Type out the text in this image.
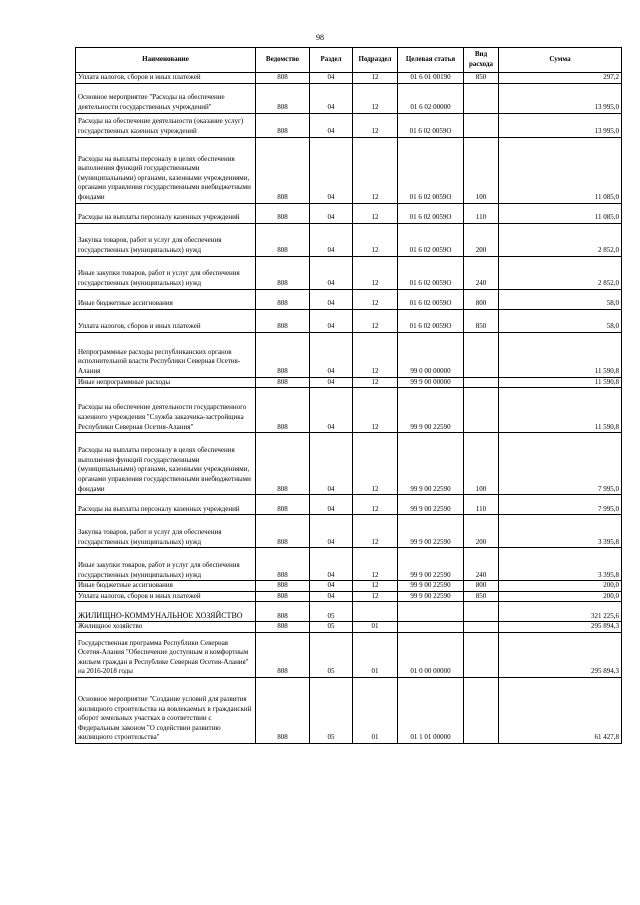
98
Наименование	Ведомство	Раздел	Подраздел	Целевая статья	Вид расхода	Сумма
Уплата налогов, сборов и иных платежей	808	04	12	01 6 01 00190	850	297,2
Основное мероприятие "Расходы на обеспечение деятельности государственных учреждений"	808	04	12	01 6 02 00000		13 995,0
Расходы на обеспечение деятельности (оказание услуг) государственных казенных учреждений	808	04	12	01 6 02 0059О		13 995,0
Расходы на выплаты персоналу в целях обеспечения выполнения функций государственными (муниципальными) органами, казенными учреждениями, органами управления государственными внебюджетными фондами	808	04	12	01 6 02 0059О	100	11 085,0
Расходы на выплаты персоналу казенных учреждений	808	04	12	01 6 02 0059О	110	11 085,0
Закупка товаров, работ и услуг для обеспечения государственных (муниципальных) нужд	808	04	12	01 6 02 0059О	200	2 852,0
Иные закупки товаров, работ и услуг для обеспечения государственных (муниципальных) нужд	808	04	12	01 6 02 0059О	240	2 852,0
Иные бюджетные ассигнования	808	04	12	01 6 02 0059О	800	58,0
Уплата налогов, сборов и иных платежей	808	04	12	01 6 02 0059О	850	58,0
Непрограммные расходы республиканских органов исполнительной власти Республики Северная Осетия-Алания	808	04	12	99 0 00 00000		11 590,8
Иные непрограммные расходы	808	04	12	99 9 00 00000		11 590,8
Расходы на обеспечение деятельности государственного казенного учреждения "Служба заказчика-застройщика Республики Северная Осетия-Алания"	808	04	12	99 9 00 22590		11 590,8
Расходы на выплаты персоналу в целях обеспечения выполнения функций государственными (муниципальными) органами, казенными учреждениями, органами управления государственными внебюджетными фондами	808	04	12	99 9 00 22590	100	7 995,0
Расходы на выплаты персоналу казенных учреждений	808	04	12	99 9 00 22590	110	7 995,0
Закупка товаров, работ и услуг для обеспечения государственных (муниципальных) нужд	808	04	12	99 9 00 22590	200	3 395,8
Иные закупки товаров, работ и услуг для обеспечения государственных (муниципальных) нужд	808	04	12	99 9 00 22590	240	3 395,8
Иные бюджетные ассигнования	808	04	12	99 9 00 22590	800	200,0
Уплата налогов, сборов и иных платежей	808	04	12	99 9 00 22590	850	200,0
ЖИЛИЩНО-КОММУНАЛЬНОЕ ХОЗЯЙСТВО	808	05				321 225,6
Жилищное хозяйство	808	05	01			295 894,3
Государственная программа Республики Северная Осетия-Алания "Обеспечение доступным и комфортным жильем граждан в Республике Северная Осетия-Алания" на 2016-2018 годы	808	05	01	01 0 00 00000		295 894,3
Основное мероприятие "Создание условий для развития жилищного строительства на вовлекаемых в гражданский оборот земельных участках в соответствии с Федеральным законом "О содействии развитию жилищного строительства"	808	05	01	01 1 01 00000		61 427,8
